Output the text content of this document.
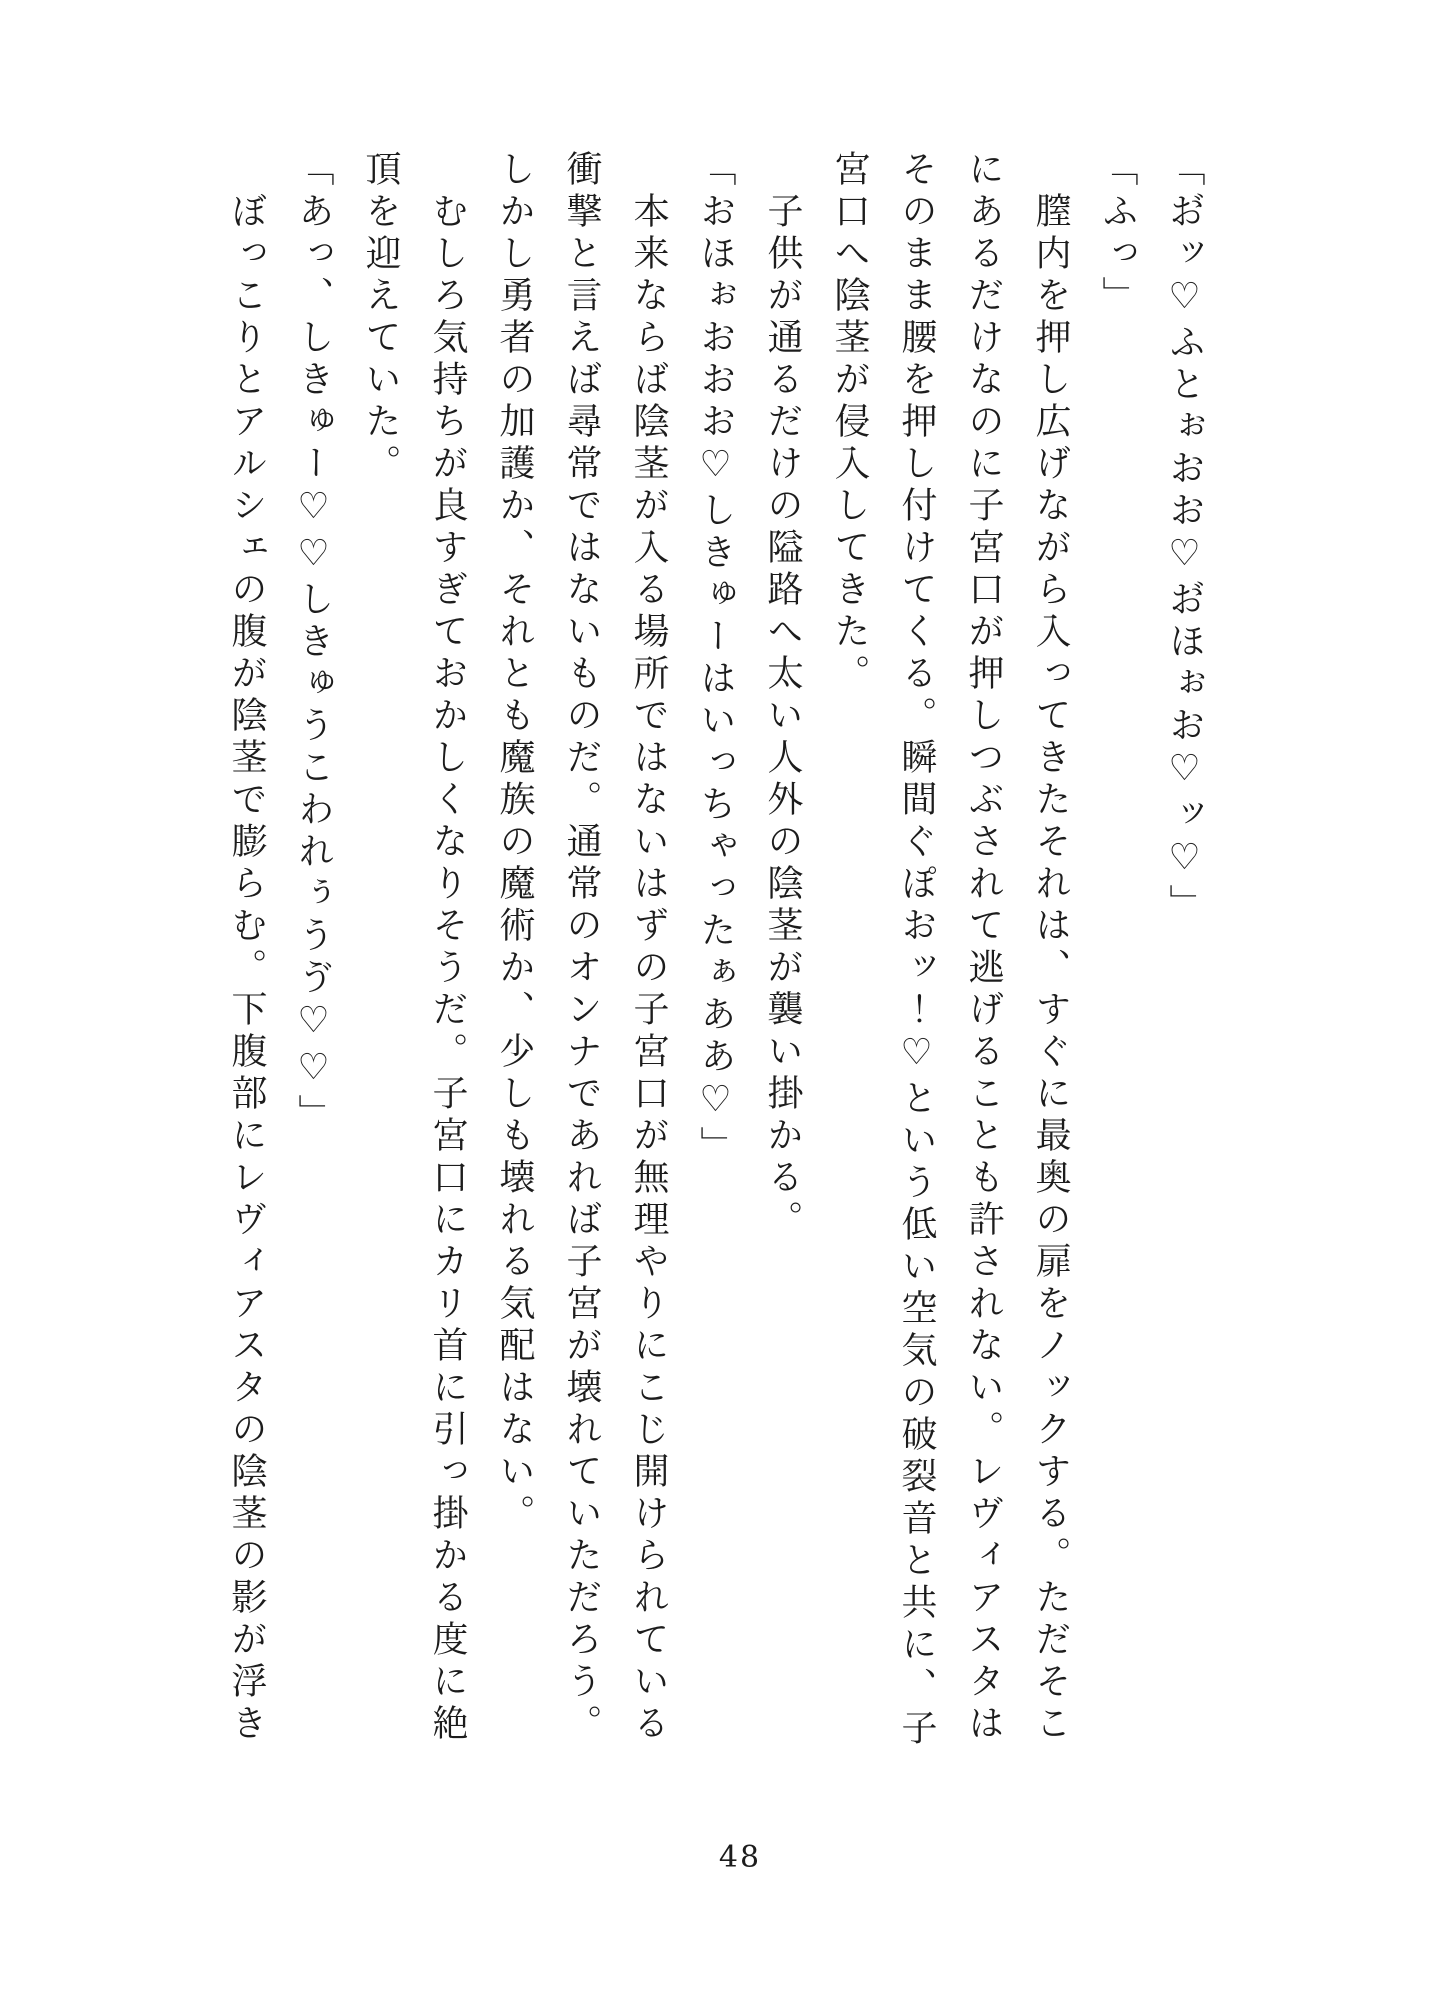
「お゙ッ♡ふとぉおお♡お゙ほぉお♡ッ♡」
「ふっ」
膣内を押し広げながら入ってきたそれは、すぐに最奥の扉をノックする。ただそこ
にあるだけなのに子宮口が押しつぶされて逃げることも許されない。レヴィアスタは
そのまま腰を押し付けてくる。瞬間ぐぽおッ！♡という低い空気の破裂音と共に、子
宮口へ陰茎が侵入してきた。
子供が通るだけの隘路へ太い人外の陰茎が襲い掛かる。
「おほぉおおお♡しきゅーはいっちゃったぁああ♡」
本来ならば陰茎が入る場所ではないはずの子宮口が無理やりにこじ開けられている
衝撃と言えば尋常ではないものだ。通常のオンナであれば子宮が壊れていただろう。
しかし勇者の加護か、それとも魔族の魔術か、少しも壊れる気配はない。
むしろ気持ちが良すぎておかしくなりそうだ。子宮口にカリ首に引っ掛かる度に絶
頂を迎えていた。
「あっ、しきゅー♡♡しきゅうこわれぅうゔ♡♡」
ぼっこりとアルシェの腹が陰茎で膨らむ。下腹部にレヴィアスタの陰茎の影が浮き
48
